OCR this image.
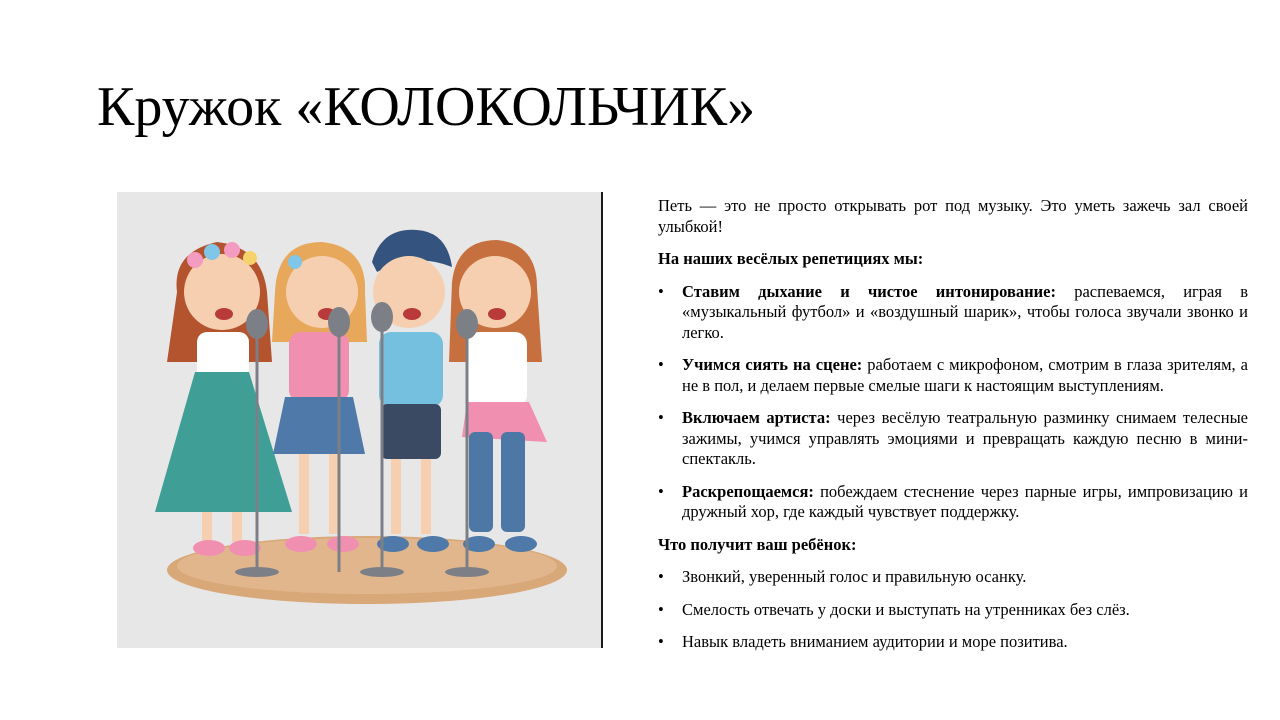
Кружок «КОЛОКОЛЬЧИК»

Петь — это не просто открывать рот под музыку. Это уметь зажечь зал своей улыбкой!

На наших весёлых репетициях мы:

• Ставим дыхание и чистое интонирование: распеваемся, играя в «музыкальный футбол» и «воздушный шарик», чтобы голоса звучали звонко и легко.
• Учимся сиять на сцене: работаем с микрофоном, смотрим в глаза зрителям, а не в пол, и делаем первые смелые шаги к настоящим выступлениям.
• Включаем артиста: через весёлую театральную разминку снимаем телесные зажимы, учимся управлять эмоциями и превращать каждую песню в мини-спектакль.
• Раскрепощаемся: побеждаем стеснение через парные игры, импровизацию и дружный хор, где каждый чувствует поддержку.

Что получит ваш ребёнок:

• Звонкий, уверенный голос и правильную осанку.
• Смелость отвечать у доски и выступать на утренниках без слёз.
• Навык владеть вниманием аудитории и море позитива.
